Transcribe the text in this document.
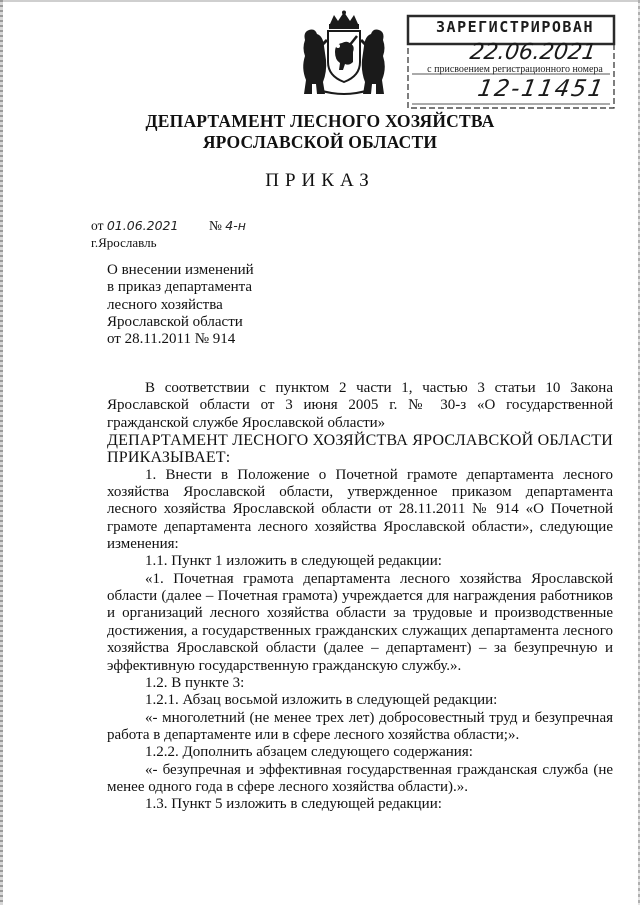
ЗАРЕГИСТРИРОВАН
22.06.2021
с присвоением регистрационного номера
12-11451
ДЕПАРТАМЕНТ ЛЕСНОГО ХОЗЯЙСТВА
ЯРОСЛАВСКОЙ ОБЛАСТИ
ПРИКАЗ
от 01.06.2021 № 4-н
г.Ярославль
О внесении изменений
в приказ департамента
лесного хозяйства
Ярославской области
от 28.11.2011 № 914

В соответствии с пунктом 2 части 1, частью 3 статьи 10 Закона Ярославской области от 3 июня 2005 г. № 30-з «О государственной гражданской службе Ярославской области»

ДЕПАРТАМЕНТ ЛЕСНОГО ХОЗЯЙСТВА ЯРОСЛАВСКОЙ ОБЛАСТИ ПРИКАЗЫВАЕТ:

1. Внести в Положение о Почетной грамоте департамента лесного хозяйства Ярославской области, утвержденное приказом департамента лесного хозяйства Ярославской области от 28.11.2011 № 914 «О Почетной грамоте департамента лесного хозяйства Ярославской области», следующие изменения:

1.1. Пункт 1 изложить в следующей редакции:

«1. Почетная грамота департамента лесного хозяйства Ярославской области (далее – Почетная грамота) учреждается для награждения работников и организаций лесного хозяйства области за трудовые и производственные достижения, а государственных гражданских служащих департамента лесного хозяйства Ярославской области (далее – департамент) – за безупречную и эффективную государственную гражданскую службу.».

1.2. В пункте 3:

1.2.1. Абзац восьмой изложить в следующей редакции:

«- многолетний (не менее трех лет) добросовестный труд и безупречная работа в департаменте или в сфере лесного хозяйства области;».

1.2.2. Дополнить абзацем следующего содержания:

«- безупречная и эффективная государственная гражданская служба (не менее одного года в сфере лесного хозяйства области).».

1.3. Пункт 5 изложить в следующей редакции:
